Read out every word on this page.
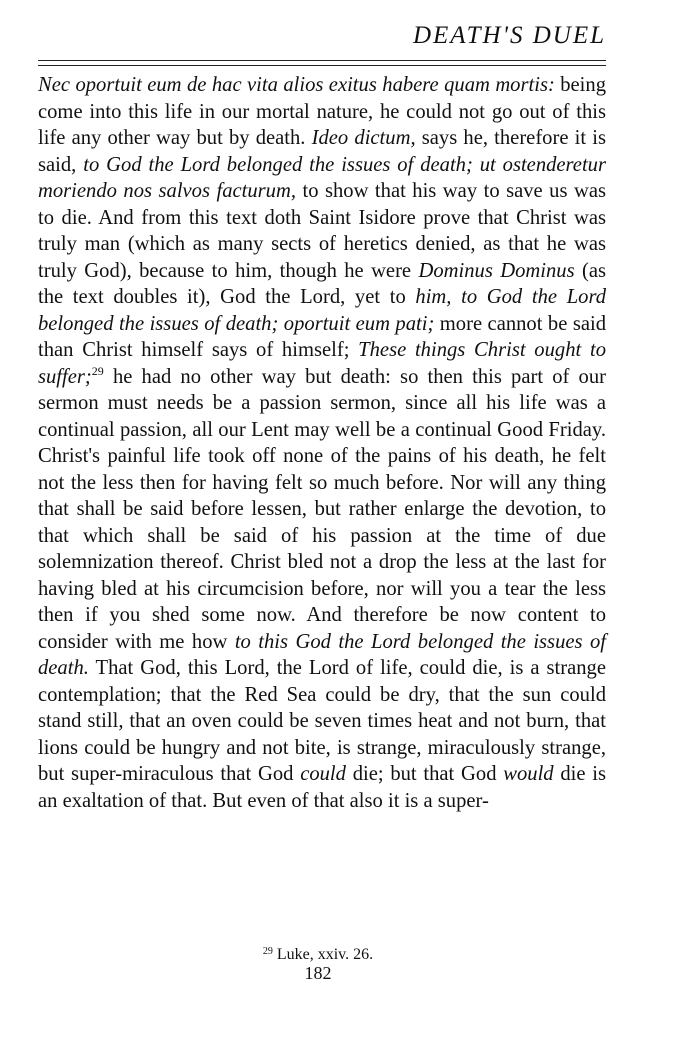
DEATH'S DUEL

Nec oportuit eum de hac vita alios exitus habere quam mortis: being come into this life in our mortal nature, he could not go out of this life any other way but by death. Ideo dictum, says he, therefore it is said, to God the Lord belonged the issues of death; ut ostenderetur moriendo nos salvos facturum, to show that his way to save us was to die. And from this text doth Saint Isidore prove that Christ was truly man (which as many sects of heretics denied, as that he was truly God), because to him, though he were Dominus Dominus (as the text doubles it), God the Lord, yet to him, to God the Lord belonged the issues of death; oportuit eum pati; more cannot be said than Christ himself says of himself; These things Christ ought to suffer;$^{29}$ he had no other way but death: so then this part of our sermon must needs be a passion sermon, since all his life was a continual passion, all our Lent may well be a continual Good Friday. Christ's painful life took off none of the pains of his death, he felt not the less then for having felt so much before. Nor will any thing that shall be said before lessen, but rather enlarge the devotion, to that which shall be said of his passion at the time of due solemnization thereof. Christ bled not a drop the less at the last for having bled at his circumcision before, nor will you a tear the less then if you shed some now. And therefore be now content to consider with me how to this God the Lord belonged the issues of death. That God, this Lord, the Lord of life, could die, is a strange contemplation; that the Red Sea could be dry, that the sun could stand still, that an oven could be seven times heat and not burn, that lions could be hungry and not bite, is strange, miraculously strange, but super-miraculous that God could die; but that God would die is an exaltation of that. But even of that also it is a super-

$^{29}$ Luke, xxiv. 26.
182
